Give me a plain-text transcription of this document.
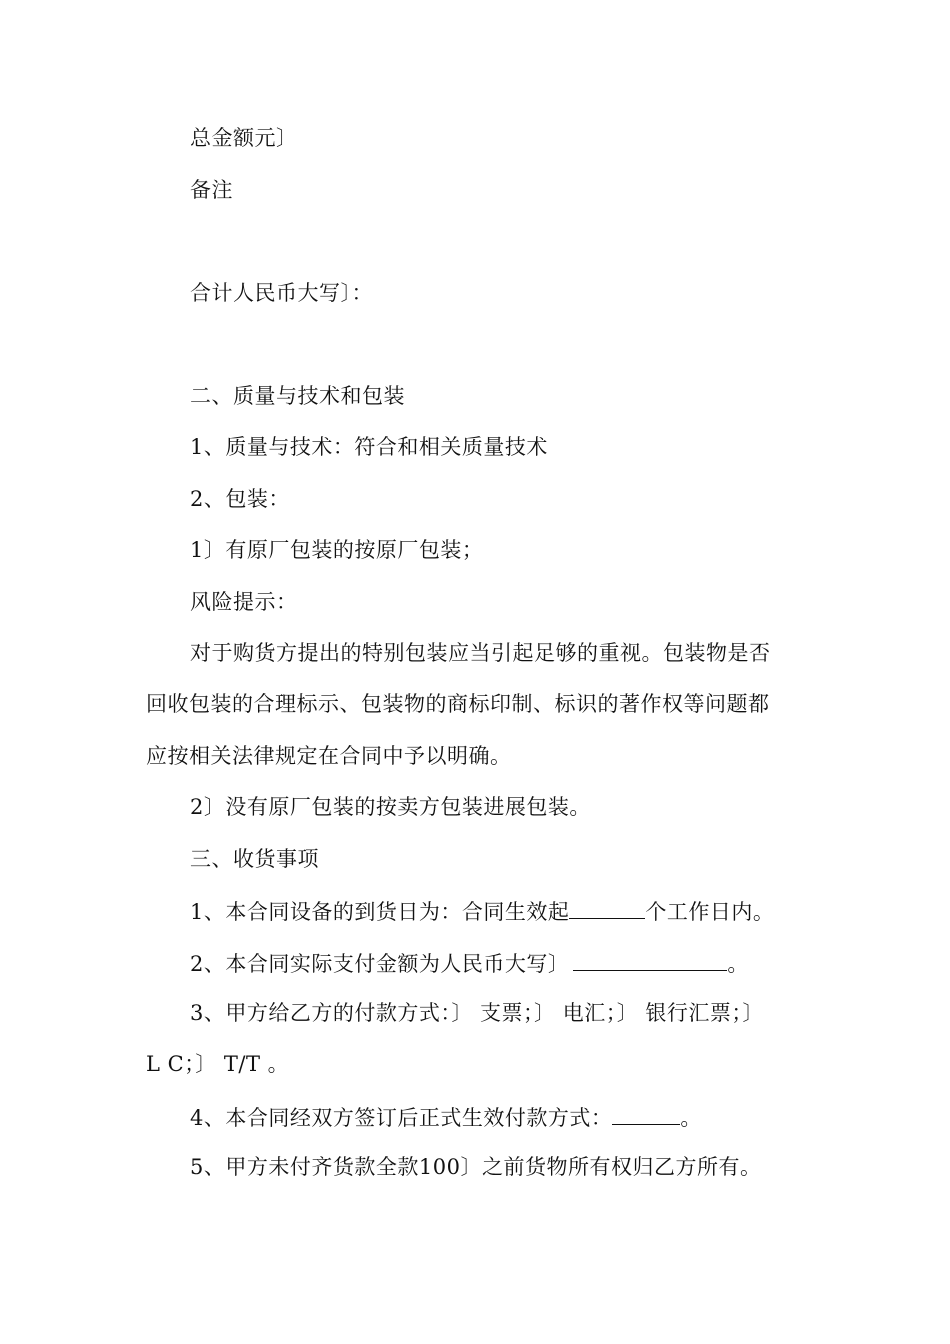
总金额元〕
备注
合计人民币大写〕：
二、质量与技术和包装
1、质量与技术：符合和相关质量技术
2、包装：
1〕有原厂包装的按原厂包装；
风险提示：
对于购货方提出的特别包装应当引起足够的重视。包装物是否
回收包装的合理标示、包装物的商标印制、标识的著作权等问题都
应按相关法律规定在合同中予以明确。
2〕没有原厂包装的按卖方包装进展包装。
三、收货事项
1、本合同设备的到货日为：合同生效起	个工作日内。
2、本合同实际支付金额为人民币大写〕	。
3、甲方给乙方的付款方式：〕 支票；〕 电汇；〕 银行汇票；〕
L C；〕 T/T 。
4、本合同经双方签订后正式生效付款方式：	。
5、甲方未付齐货款全款100〕之前货物所有权归乙方所有。
